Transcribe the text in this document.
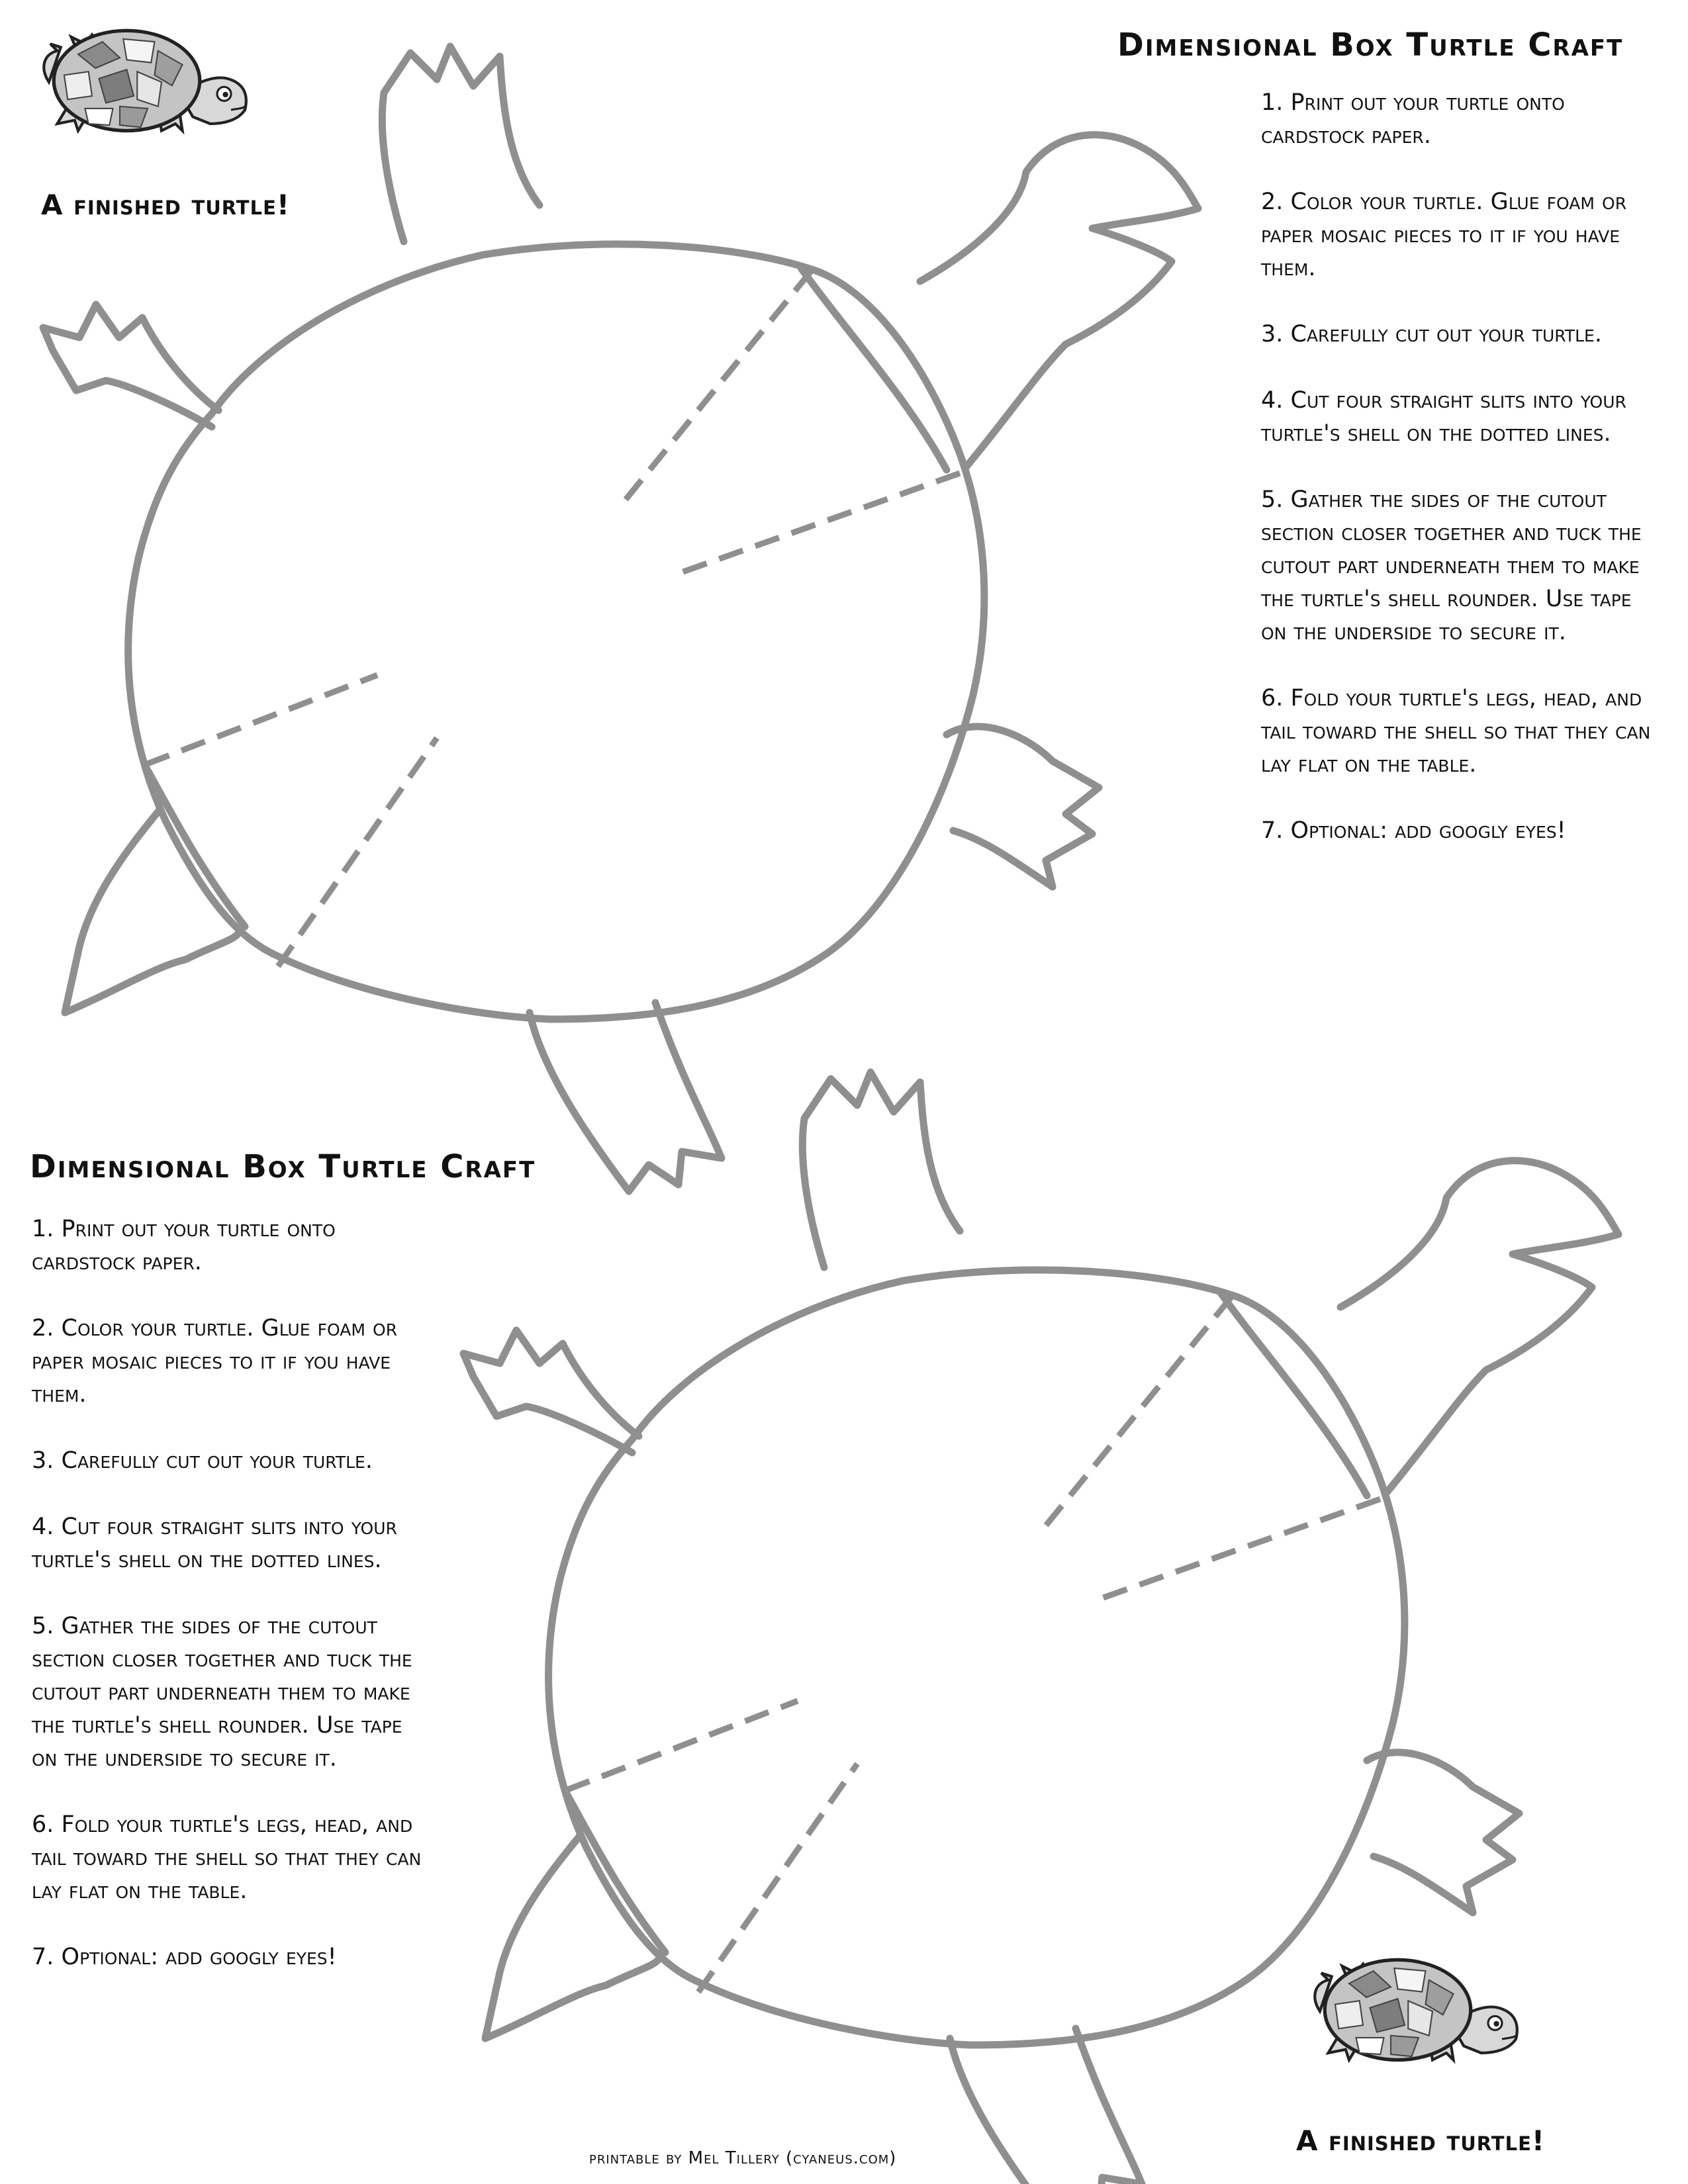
Dimensional Box Turtle Craft
1. Print out your turtle onto cardstock paper.
2. Color your turtle. Glue foam or paper mosaic pieces to it if you have them.
3. Carefully cut out your turtle.
4. Cut four straight slits into your turtle's shell on the dotted lines.
5. Gather the sides of the cutout section closer together and tuck the cutout part underneath them to make the turtle's shell rounder. Use tape on the underside to secure it.
6. Fold your turtle's legs, head, and tail toward the shell so that they can lay flat on the table.
7. Optional: add googly eyes!
A finished turtle!
Dimensional Box Turtle Craft
1. Print out your turtle onto cardstock paper.
2. Color your turtle. Glue foam or paper mosaic pieces to it if you have them.
3. Carefully cut out your turtle.
4. Cut four straight slits into your turtle's shell on the dotted lines.
5. Gather the sides of the cutout section closer together and tuck the cutout part underneath them to make the turtle's shell rounder. Use tape on the underside to secure it.
6. Fold your turtle's legs, head, and tail toward the shell so that they can lay flat on the table.
7. Optional: add googly eyes!
A finished turtle!
printable by Mel Tillery (cyaneus.com)
